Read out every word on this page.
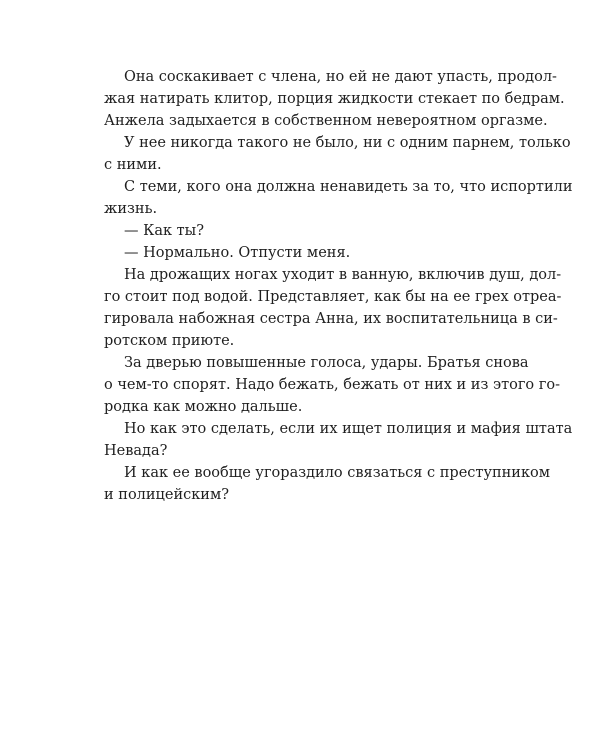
Она соскакивает с члена, но ей не дают упасть, продол-
жая натирать клитор, порция жидкости стекает по бедрам.
Анжела задыхается в собственном невероятном оргазме.
У нее никогда такого не было, ни с одним парнем, только
с ними.
С теми, кого она должна ненавидеть за то, что испортили
жизнь.
— Как ты?
— Нормально. Отпусти меня.
На дрожащих ногах уходит в ванную, включив душ, дол-
го стоит под водой. Представляет, как бы на ее грех отреа-
гировала набожная сестра Анна, их воспитательница в си-
ротском приюте.
За дверью повышенные голоса, удары. Братья снова
о чем-то спорят. Надо бежать, бежать от них и из этого го-
родка как можно дальше.
Но как это сделать, если их ищет полиция и мафия штата
Невада?
И как ее вообще угораздило связаться с преступником
и полицейским?
